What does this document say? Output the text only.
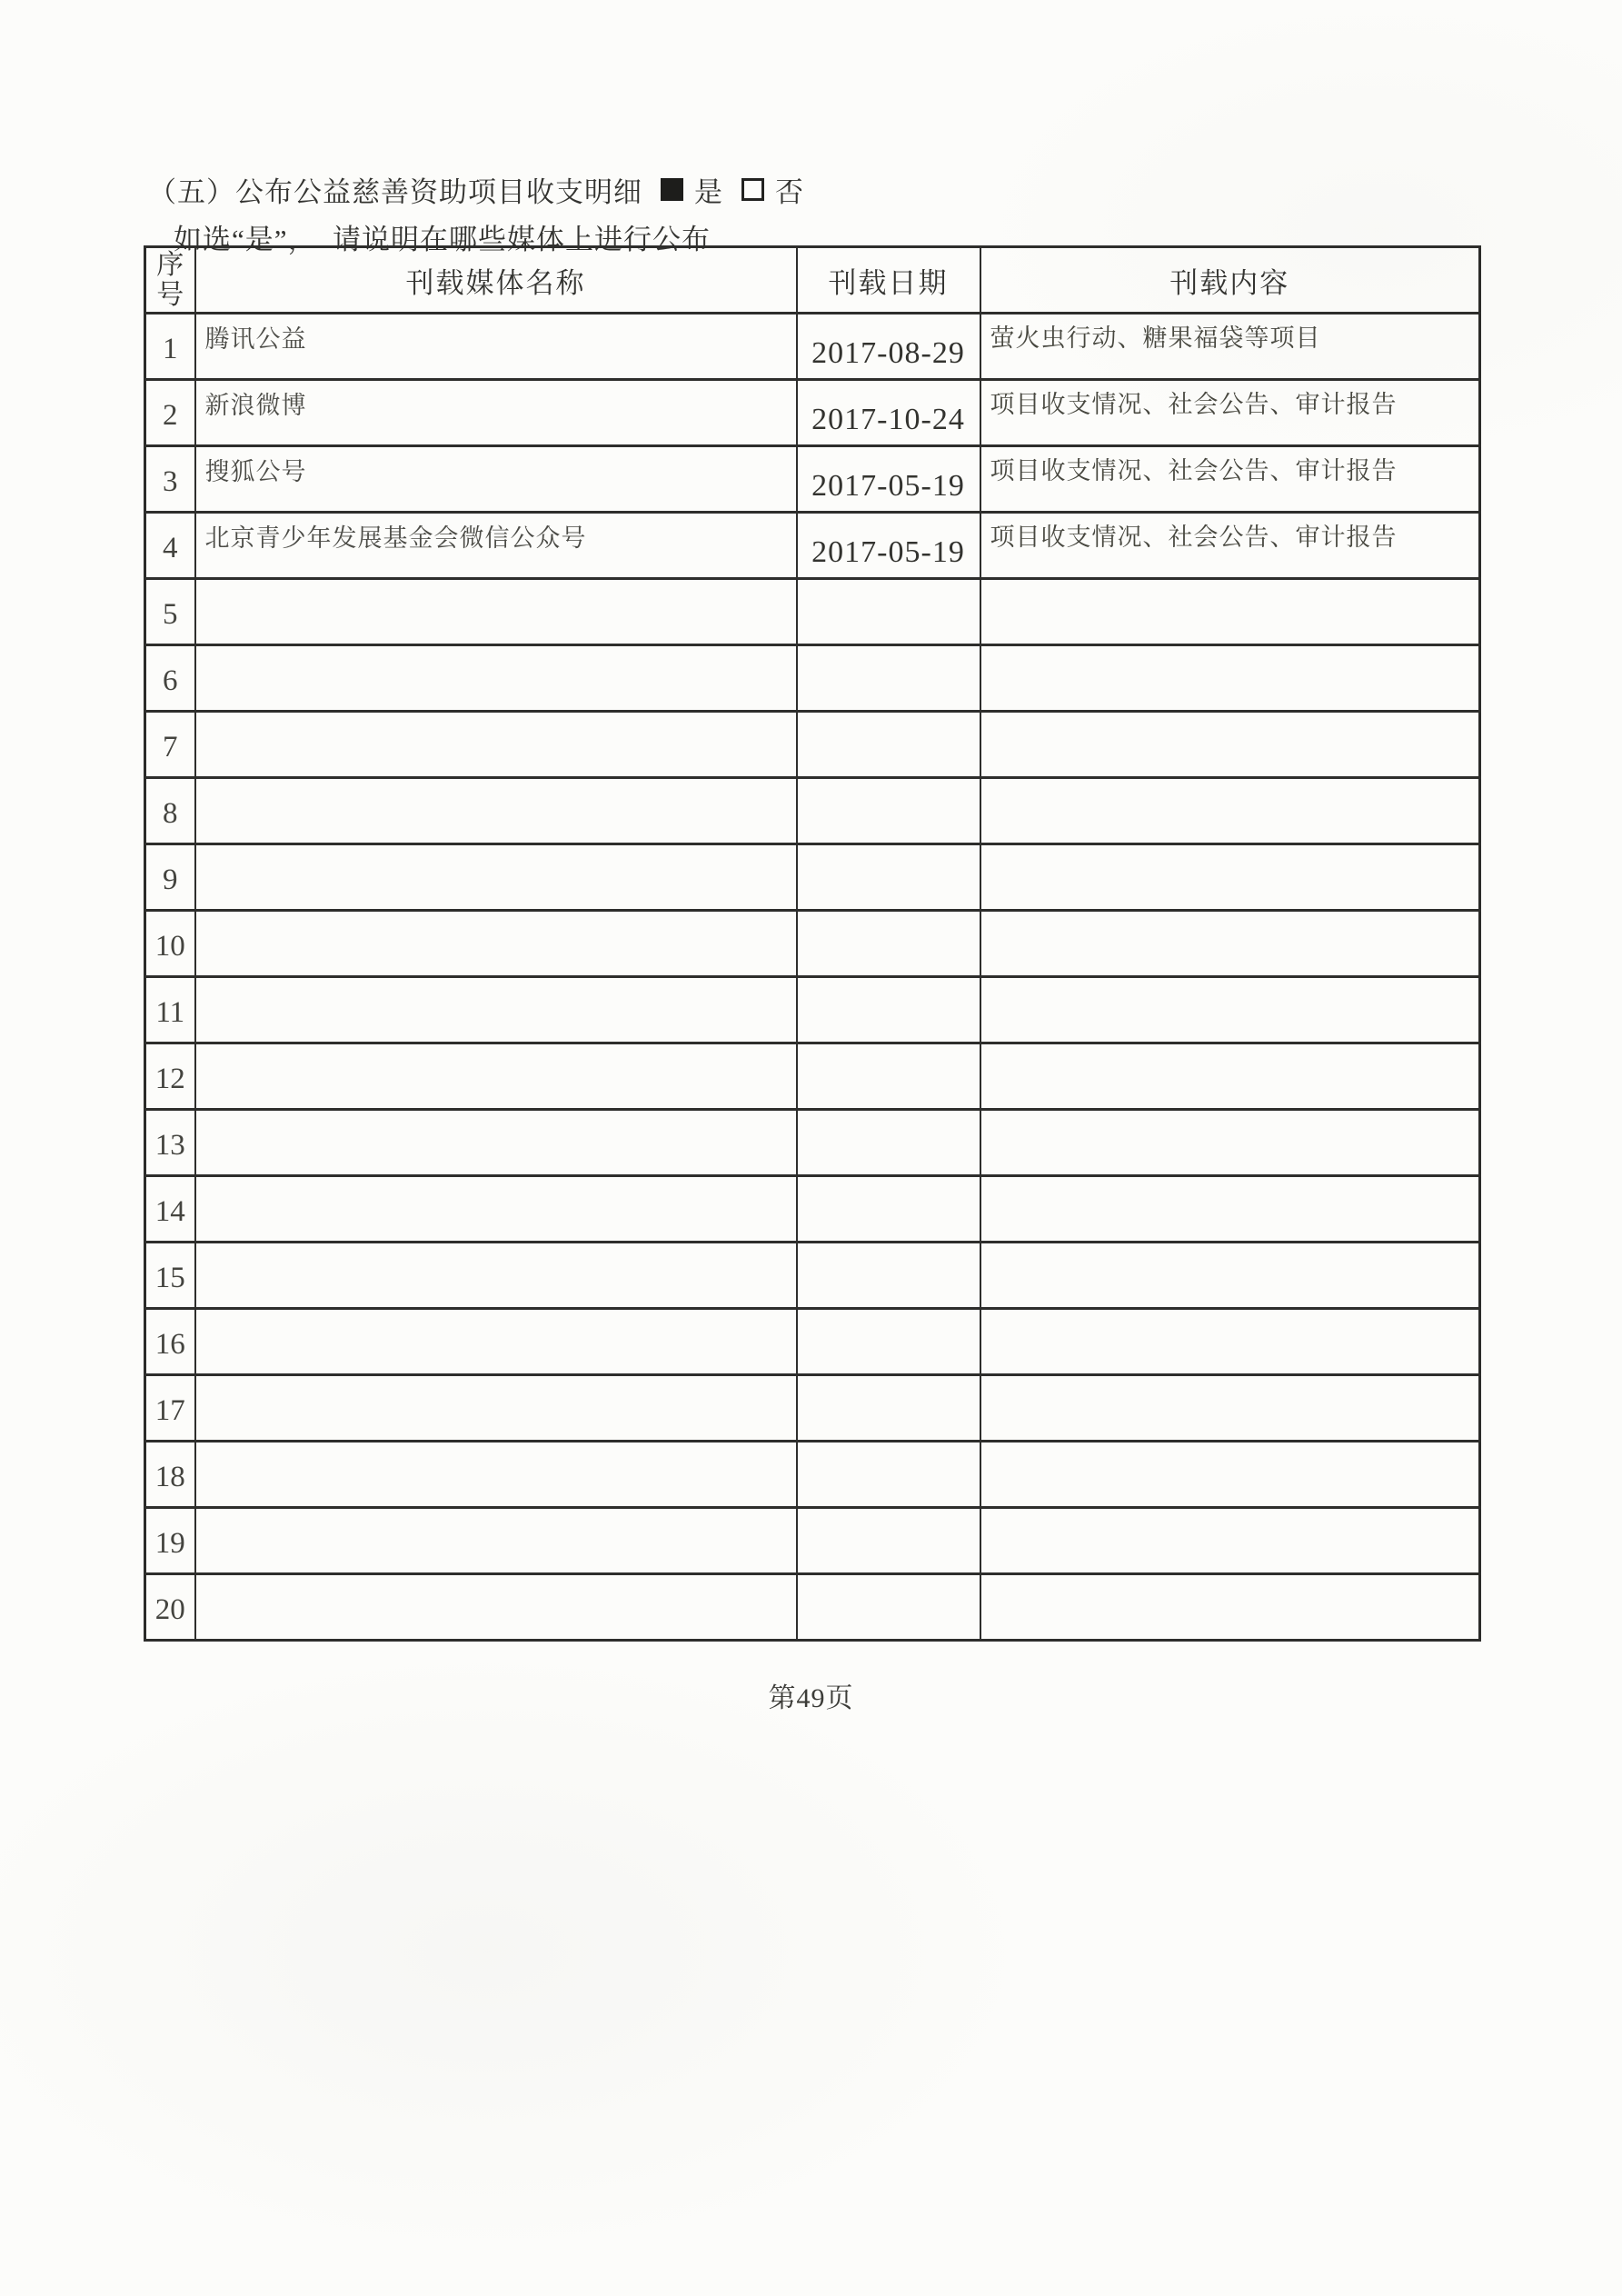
（五）公布公益慈善资助项目收支明细 是 否
如选“是”，  请说明在哪些媒体上进行公布
序号	刊载媒体名称	刊载日期	刊载内容
1	腾讯公益	2017-08-29	萤火虫行动、糖果福袋等项目
2	新浪微博	2017-10-24	项目收支情况、社会公告、审计报告
3	搜狐公号	2017-05-19	项目收支情况、社会公告、审计报告
4	北京青少年发展基金会微信公众号	2017-05-19	项目收支情况、社会公告、审计报告
5			
6			
7			
8			
9			
10			
11			
12			
13			
14			
15			
16			
17			
18			
19			
20			
第49页
